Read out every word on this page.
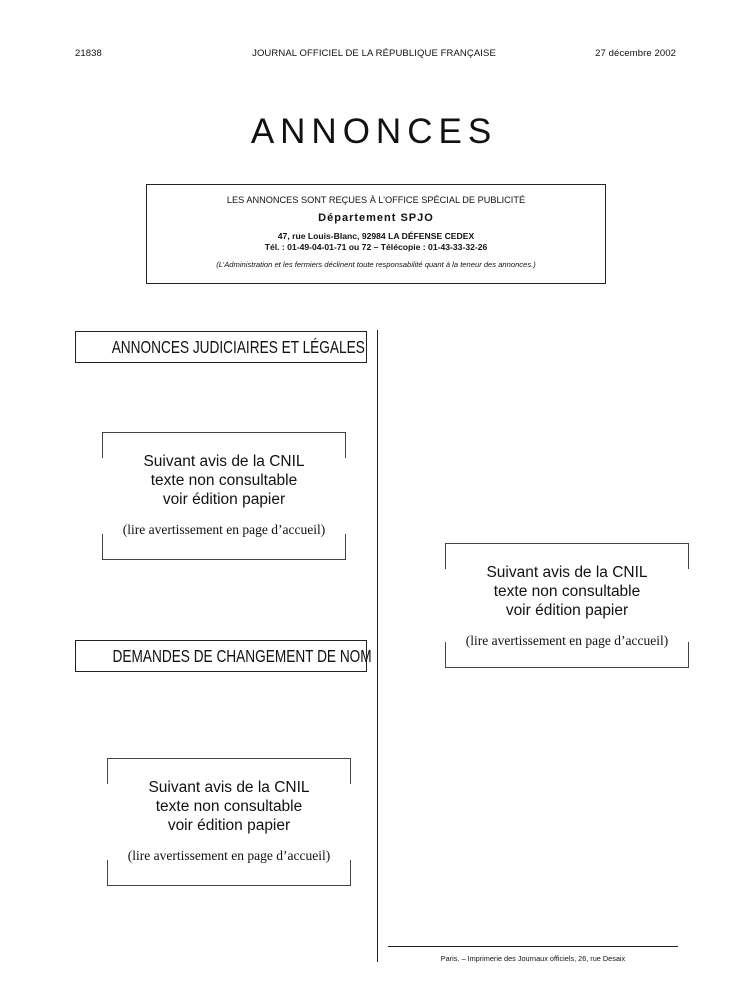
21838	JOURNAL OFFICIEL DE LA RÉPUBLIQUE FRANÇAISE	27 décembre 2002
ANNONCES
LES ANNONCES SONT REÇUES À L’OFFICE SPÉCIAL DE PUBLICITÉ
Département SPJO
47, rue Louis-Blanc, 92984 LA DÉFENSE CEDEX
Tél. : 01-49-04-01-71 ou 72 – Télécopie : 01-43-33-32-26
(L’Administration et les fermiers déclinent toute responsabilité quant à la teneur des annonces.)
ANNONCES JUDICIAIRES ET LÉGALES
Suivant avis de la CNIL
texte non consultable
voir édition papier
(lire avertissement en page d’accueil)
Suivant avis de la CNIL
texte non consultable
voir édition papier
(lire avertissement en page d’accueil)
DEMANDES DE CHANGEMENT DE NOM
Suivant avis de la CNIL
texte non consultable
voir édition papier
(lire avertissement en page d’accueil)
Paris. – Imprimerie des Journaux officiels, 26, rue Desaix
